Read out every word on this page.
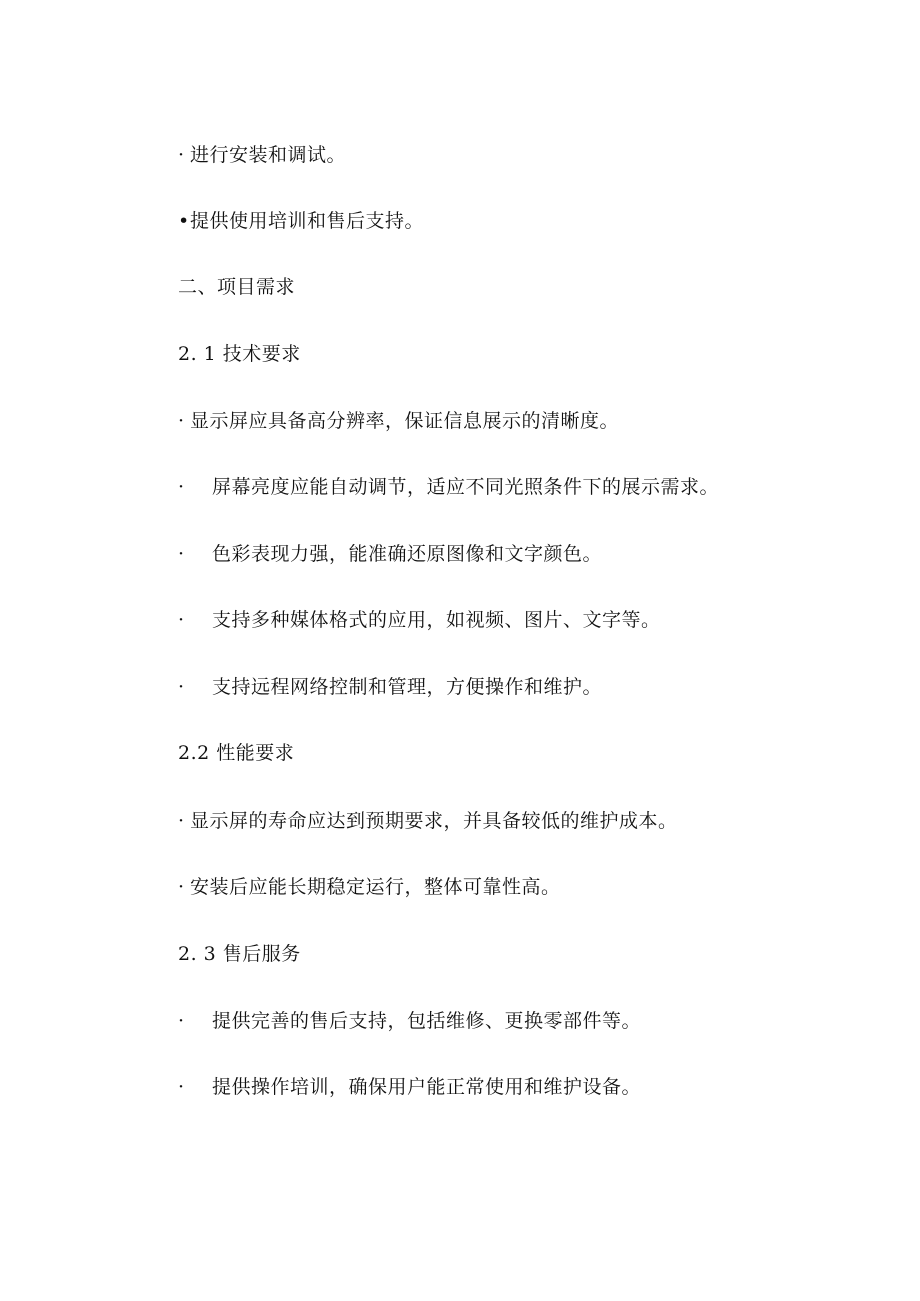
· 进行安装和调试。
•提供使用培训和售后支持。
二、项目需求
2. 1 技术要求
· 显示屏应具备高分辨率，保证信息展示的清晰度。
· 屏幕亮度应能自动调节，适应不同光照条件下的展示需求。
· 色彩表现力强，能准确还原图像和文字颜色。
· 支持多种媒体格式的应用，如视频、图片、文字等。
· 支持远程网络控制和管理，方便操作和维护。
2.2 性能要求
· 显示屏的寿命应达到预期要求，并具备较低的维护成本。
· 安装后应能长期稳定运行，整体可靠性高。
2. 3 售后服务
· 提供完善的售后支持，包括维修、更换零部件等。
· 提供操作培训，确保用户能正常使用和维护设备。
